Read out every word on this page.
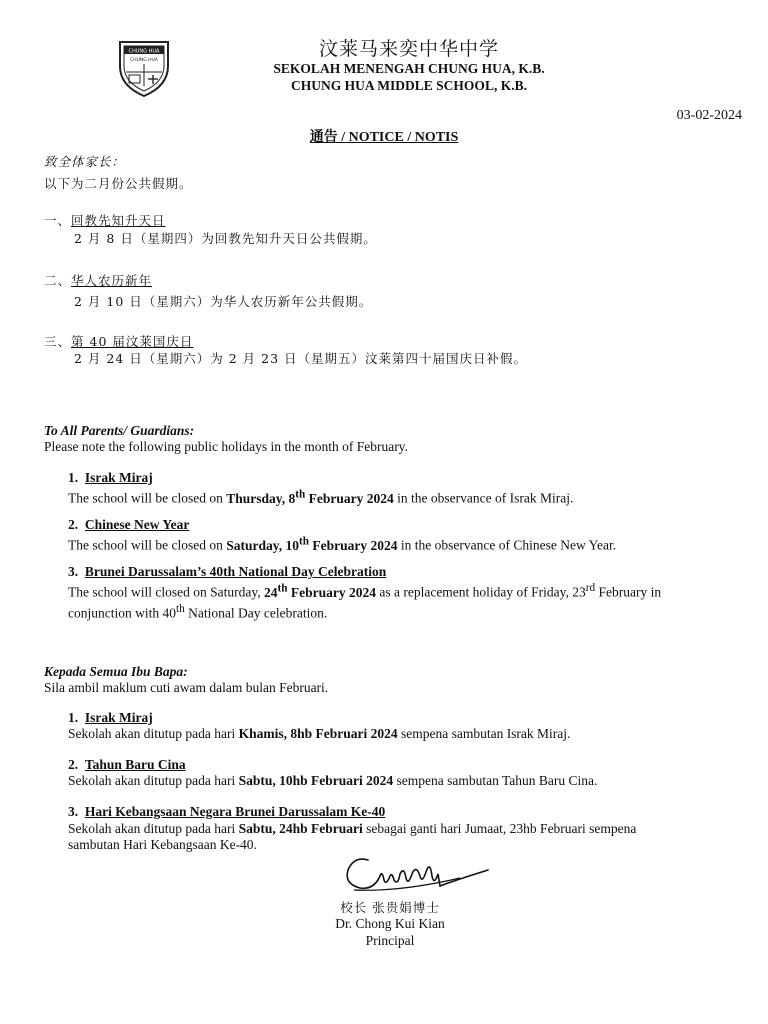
CHUNG HUA
CHUNG HUA
汶莱马来奕中华中学
SEKOLAH MENENGAH CHUNG HUA, K.B.
CHUNG HUA MIDDLE SCHOOL, K.B.
03-02-2024
通告 / NOTICE / NOTIS
致全体家长：
以下为二月份公共假期。
一、回教先知升天日
2 月 8 日（星期四）为回教先知升天日公共假期。
二、华人农历新年
2 月 10 日（星期六）为华人农历新年公共假期。
三、第 40 届汶莱国庆日
2 月 24 日（星期六）为 2 月 23 日（星期五）汶莱第四十届国庆日补假。
To All Parents/ Guardians:
Please note the following public holidays in the month of February.
1. Israk Miraj
The school will be closed on Thursday, 8th February 2024 in the observance of Israk Miraj.
2. Chinese New Year
The school will be closed on Saturday, 10th February 2024 in the observance of Chinese New Year.
3. Brunei Darussalam’s 40th National Day Celebration
The school will closed on Saturday, 24th February 2024 as a replacement holiday of Friday, 23rd February in
conjunction with 40th National Day celebration.
Kepada Semua Ibu Bapa:
Sila ambil maklum cuti awam dalam bulan Februari.
1. Israk Miraj
Sekolah akan ditutup pada hari Khamis, 8hb Februari 2024 sempena sambutan Israk Miraj.
2. Tahun Baru Cina
Sekolah akan ditutup pada hari Sabtu, 10hb Februari 2024 sempena sambutan Tahun Baru Cina.
3. Hari Kebangsaan Negara Brunei Darussalam Ke-40
Sekolah akan ditutup pada hari Sabtu, 24hb Februari sebagai ganti hari Jumaat, 23hb Februari sempena
sambutan Hari Kebangsaan Ke-40.
校长 张贵娟博士
Dr. Chong Kui Kian
Principal
